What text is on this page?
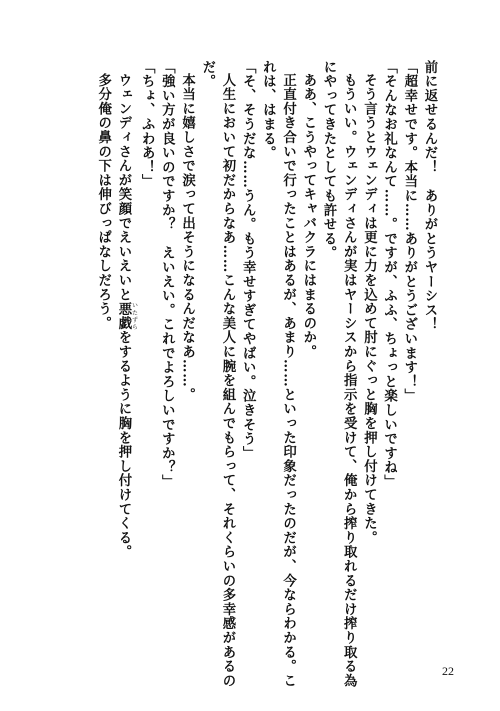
前に返せるんだ！　ありがとうヤーシス！
「超幸せです。本当に……ありがとうございます！」
「そんなお礼なんて……。ですが、ふふ、ちょっと楽しいですね」
そう言うとウェンディは更に力を込めて肘にぐっと胸を押し付けてきた。
もういい。ウェンディさんが実はヤーシスから指示を受けて、俺から搾り取れるだけ搾り取る為
にやってきたとしても許せる。
ああ、こうやってキャバクラにはまるのか。
正直付き合いで行ったことはあるが、あまり……といった印象だったのだが、今ならわかる。こ
れは、はまる。
「そ、そうだな……うん。もう幸せすぎてやばい。泣きそう」
人生において初だからなあ……こんな美人に腕を組んでもらって、それくらいの多幸感があるの
だ。
本当に嬉しさで涙って出そうになるんだなあ……。
「強い方が良いのですか？　えいえい。これでよろしいですか？」
「ちょ、ふわあ！」
ウェンディさんが笑顔でえいえいと悪戯いたずらをするように胸を押し付けてくる。
多分俺の鼻の下は伸びっぱなしだろう。
22
